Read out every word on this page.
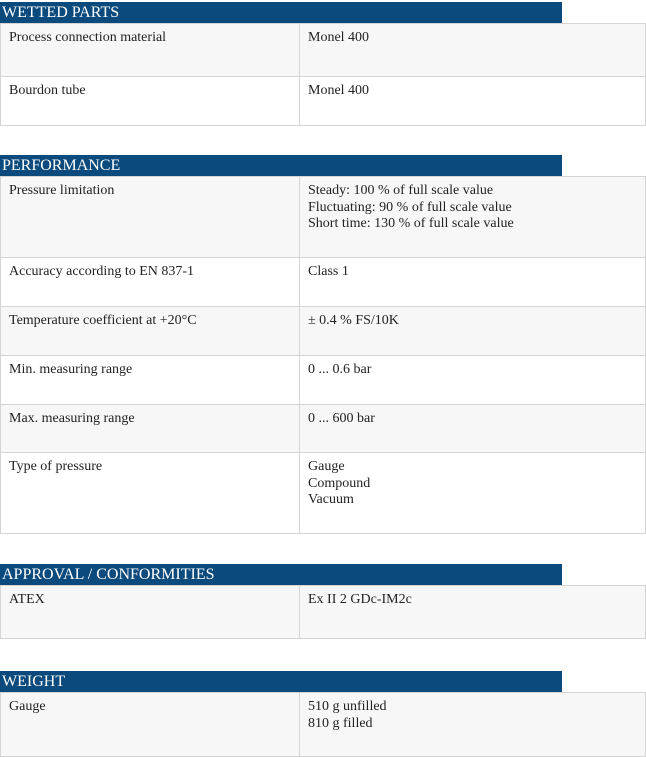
WETTED PARTS
Process connection material	Monel 400
Bourdon tube	Monel 400
PERFORMANCE
Pressure limitation	Steady: 100 % of full scale value
Fluctuating: 90 % of full scale value
Short time: 130 % of full scale value
Accuracy according to EN 837-1	Class 1
Temperature coefficient at +20°C	± 0.4 % FS/10K
Min. measuring range	0 ... 0.6 bar
Max. measuring range	0 ... 600 bar
Type of pressure	Gauge
Compound
Vacuum
APPROVAL / CONFORMITIES
ATEX	Ex II 2 GDc-IM2c
WEIGHT
Gauge	510 g unfilled
810 g filled
